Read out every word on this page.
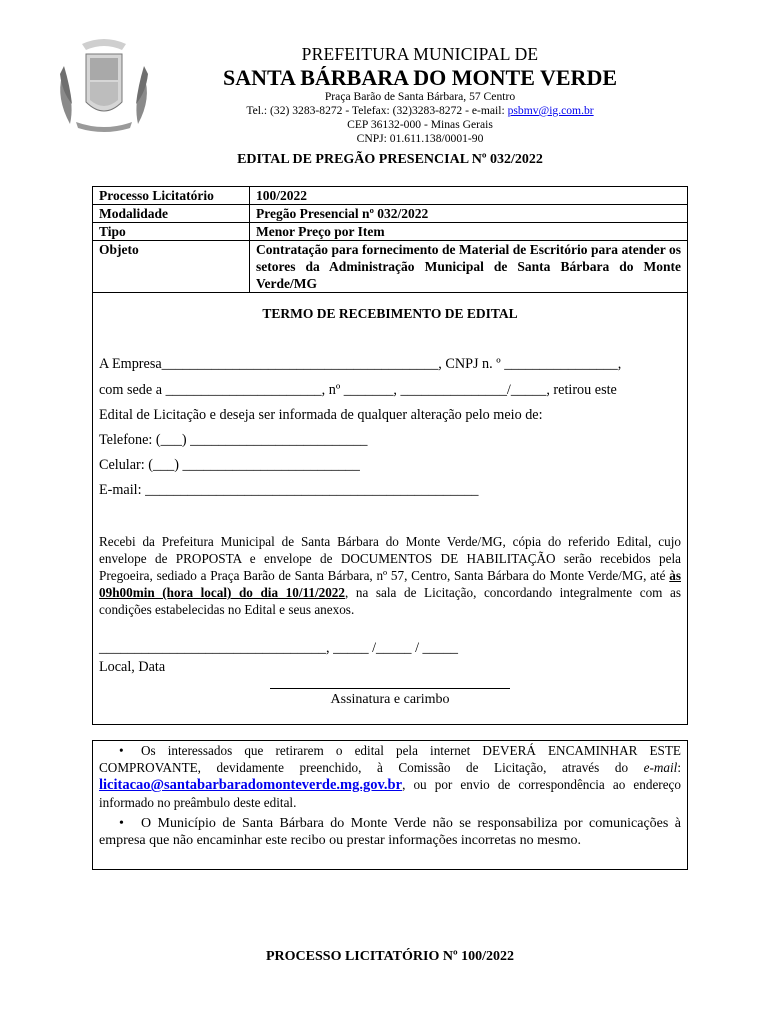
PREFEITURA MUNICIPAL DE
SANTA BÁRBARA DO MONTE VERDE
Praça Barão de Santa Bárbara, 57 Centro
Tel.: (32) 3283-8272 - Telefax: (32)3283-8272 - e-mail: psbmv@ig.com.br
CEP 36132-000 - Minas Gerais
CNPJ: 01.611.138/0001-90
EDITAL DE PREGÃO PRESENCIAL Nº 032/2022
Processo Licitatório	100/2022
Modalidade	Pregão Presencial nº 032/2022
Tipo	Menor Preço por Item
Objeto	Contratação para fornecimento de Material de Escritório para atender os setores da Administração Municipal de Santa Bárbara do Monte Verde/MG
TERMO DE RECEBIMENTO DE EDITAL
A Empresa_______________________________________, CNPJ n. º ________________,
com sede a ______________________, nº _______, _______________/_____, retirou este
Edital de Licitação e deseja ser informada de qualquer alteração pelo meio de:
Telefone: (___) _________________________
Celular: (___) _________________________
E-mail: _______________________________________________
Recebi da Prefeitura Municipal de Santa Bárbara do Monte Verde/MG, cópia do referido Edital, cujo envelope de PROPOSTA e envelope de DOCUMENTOS DE HABILITAÇÃO serão recebidos pela Pregoeira, sediado a Praça Barão de Santa Bárbara, nº 57, Centro, Santa Bárbara do Monte Verde/MG, até às 09h00min (hora local) do dia 10/11/2022, na sala de Licitação, concordando integralmente com as condições estabelecidas no Edital e seus anexos.
________________________________, _____ /_____ / _____
Local, Data
Assinatura e carimbo
• Os interessados que retirarem o edital pela internet DEVERÁ ENCAMINHAR ESTE COMPROVANTE, devidamente preenchido, à Comissão de Licitação, através do e-mail: licitacao@santabarbaradomonteverde.mg.gov.br, ou por envio de correspondência ao endereço informado no preâmbulo deste edital.
• O Município de Santa Bárbara do Monte Verde não se responsabiliza por comunicações à empresa que não encaminhar este recibo ou prestar informações incorretas no mesmo.
PROCESSO LICITATÓRIO Nº 100/2022
